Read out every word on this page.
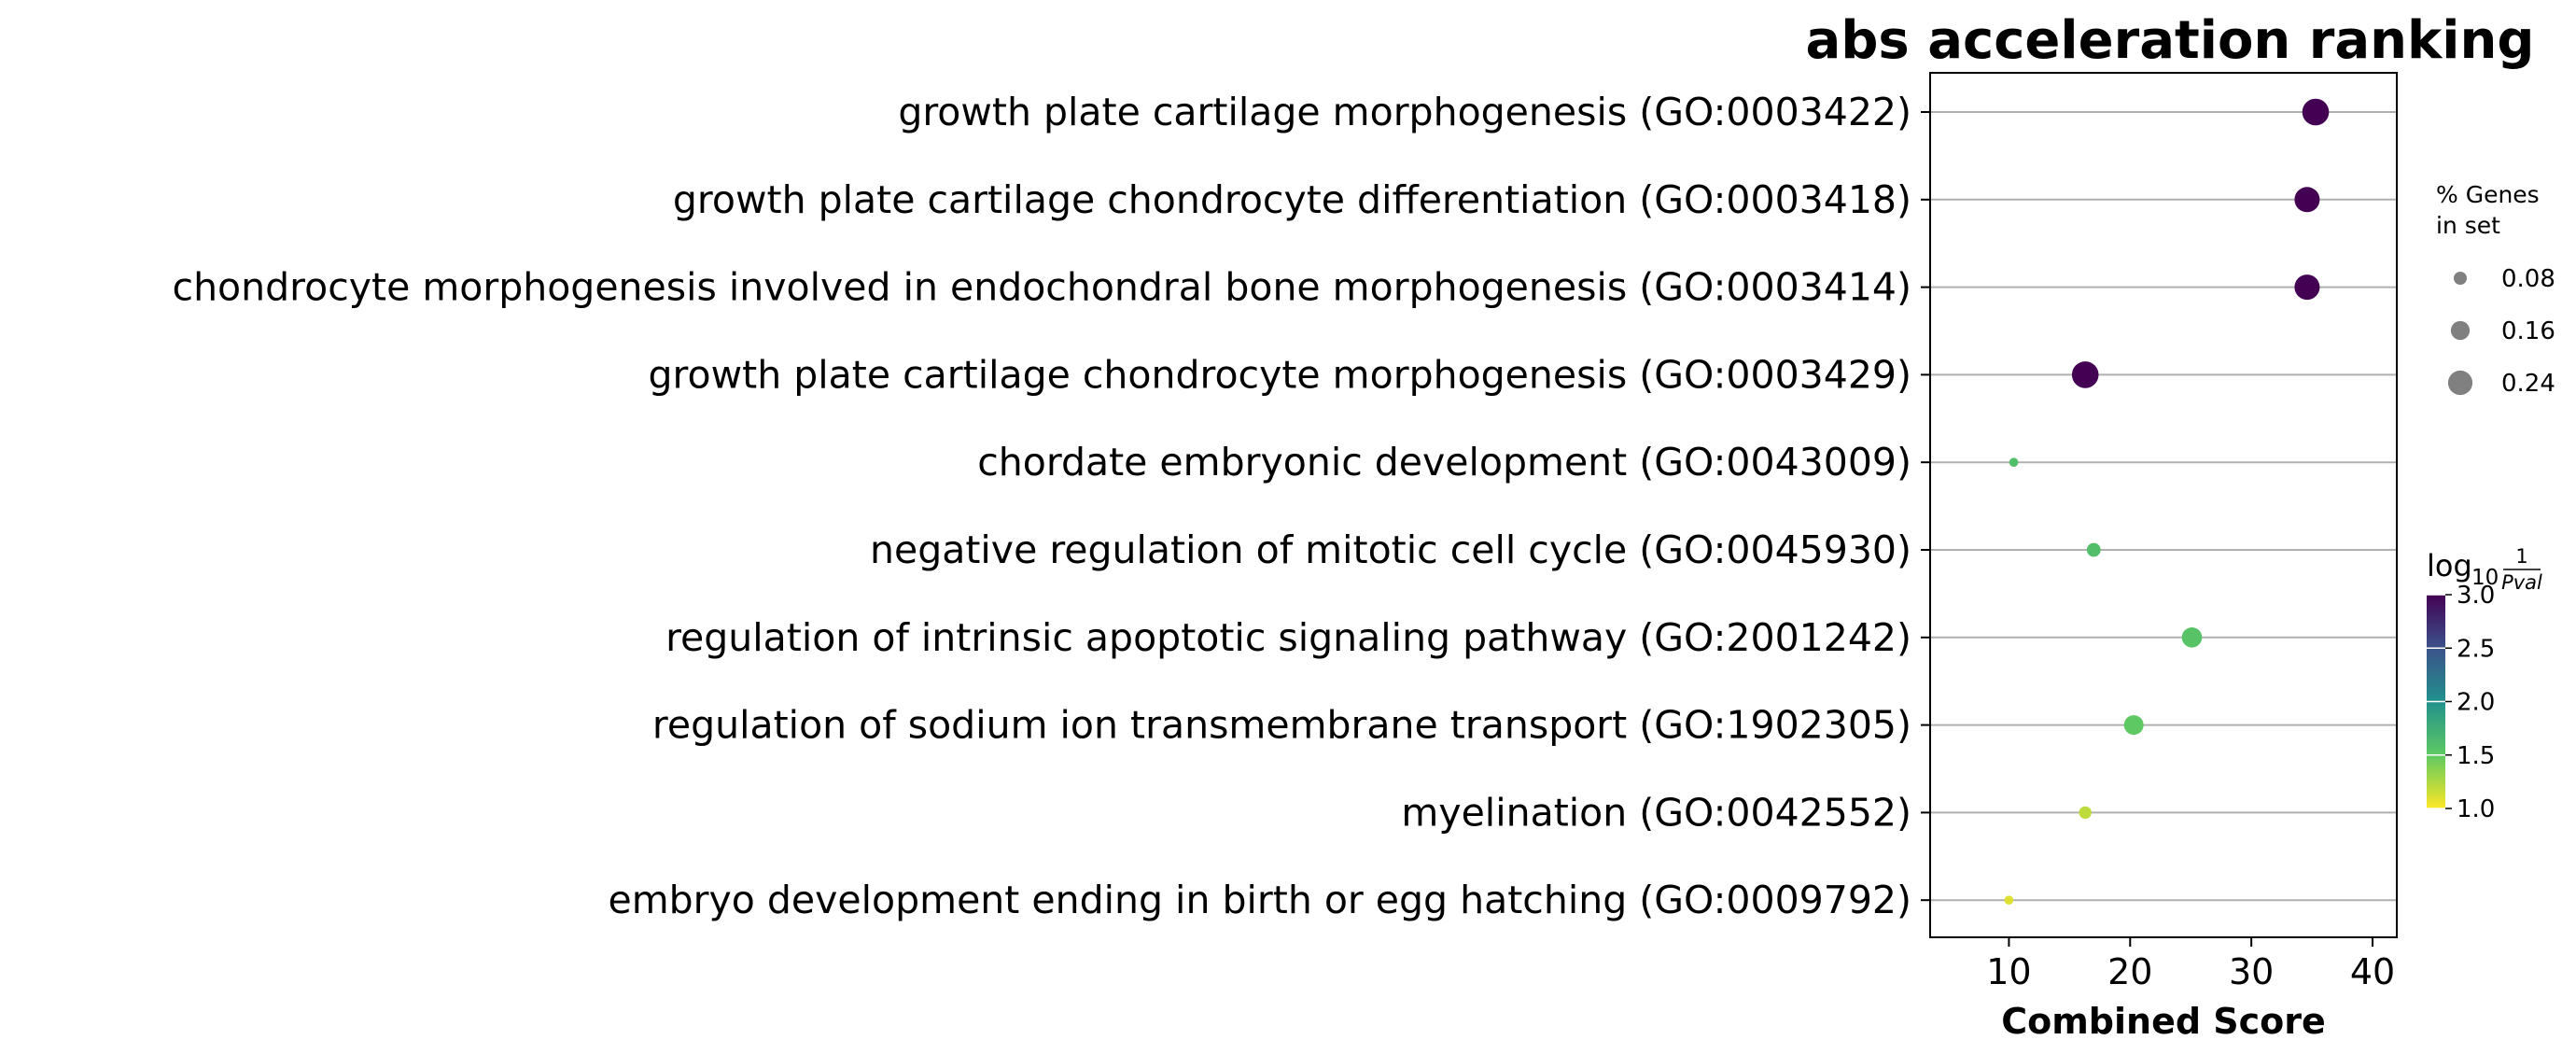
abs acceleration ranking
growth plate cartilage morphogenesis (GO:0003422)
growth plate cartilage chondrocyte differentiation (GO:0003418)
chondrocyte morphogenesis involved in endochondral bone morphogenesis (GO:0003414)
growth plate cartilage chondrocyte morphogenesis (GO:0003429)
chordate embryonic development (GO:0043009)
negative regulation of mitotic cell cycle (GO:0045930)
regulation of intrinsic apoptotic signaling pathway (GO:2001242)
regulation of sodium ion transmembrane transport (GO:1902305)
myelination (GO:0042552)
embryo development ending in birth or egg hatching (GO:0009792)
10 20 30 40
Combined Score
% Genes
in set
0.08
0.16
0.24
log 10
1
Pval
1.0
1.5
2.0
2.5
3.0
